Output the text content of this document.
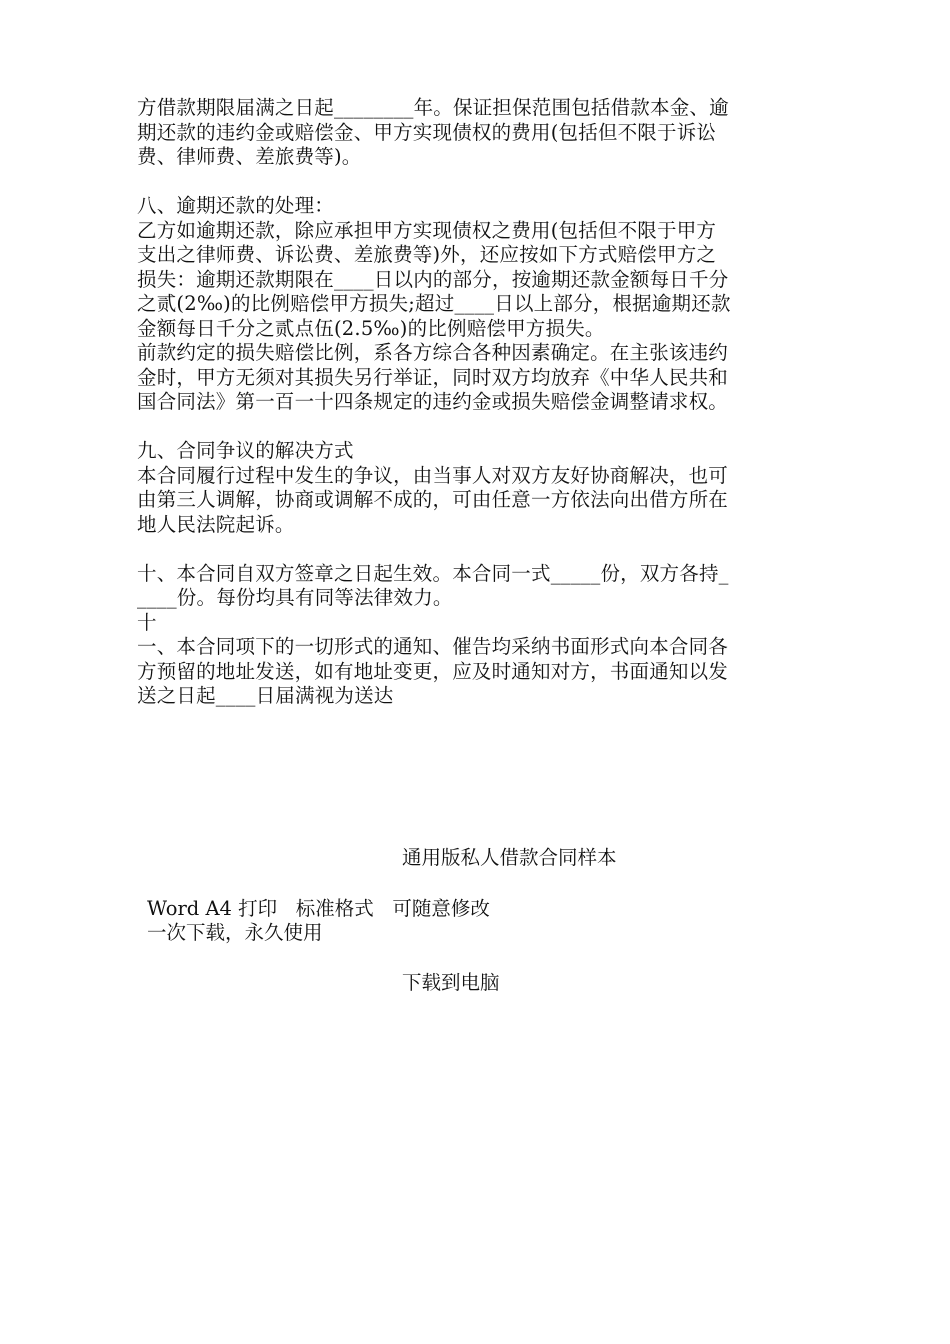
方借款期限届满之日起________年。保证担保范围包括借款本金、逾
期还款的违约金或赔偿金、甲方实现债权的费用(包括但不限于诉讼
费、律师费、差旅费等)。
八、逾期还款的处理：
乙方如逾期还款，除应承担甲方实现债权之费用(包括但不限于甲方
支出之律师费、诉讼费、差旅费等)外，还应按如下方式赔偿甲方之
损失：逾期还款期限在____日以内的部分，按逾期还款金额每日千分
之贰(2‰)的比例赔偿甲方损失;超过____日以上部分，根据逾期还款
金额每日千分之贰点伍(2.5‰)的比例赔偿甲方损失。
前款约定的损失赔偿比例，系各方综合各种因素确定。在主张该违约
金时，甲方无须对其损失另行举证，同时双方均放弃《中华人民共和
国合同法》第一百一十四条规定的违约金或损失赔偿金调整请求权。
九、合同争议的解决方式
本合同履行过程中发生的争议，由当事人对双方友好协商解决，也可
由第三人调解，协商或调解不成的，可由任意一方依法向出借方所在
地人民法院起诉。
十、本合同自双方签章之日起生效。本合同一式_____份，双方各持_
____份。每份均具有同等法律效力。
十
一、本合同项下的一切形式的通知、催告均采纳书面形式向本合同各
方预留的地址发送，如有地址变更，应及时通知对方，书面通知以发
送之日起____日届满视为送达
通用版私人借款合同样本
Word A4 打印   标准格式   可随意修改
一次下载，永久使用
下载到电脑
